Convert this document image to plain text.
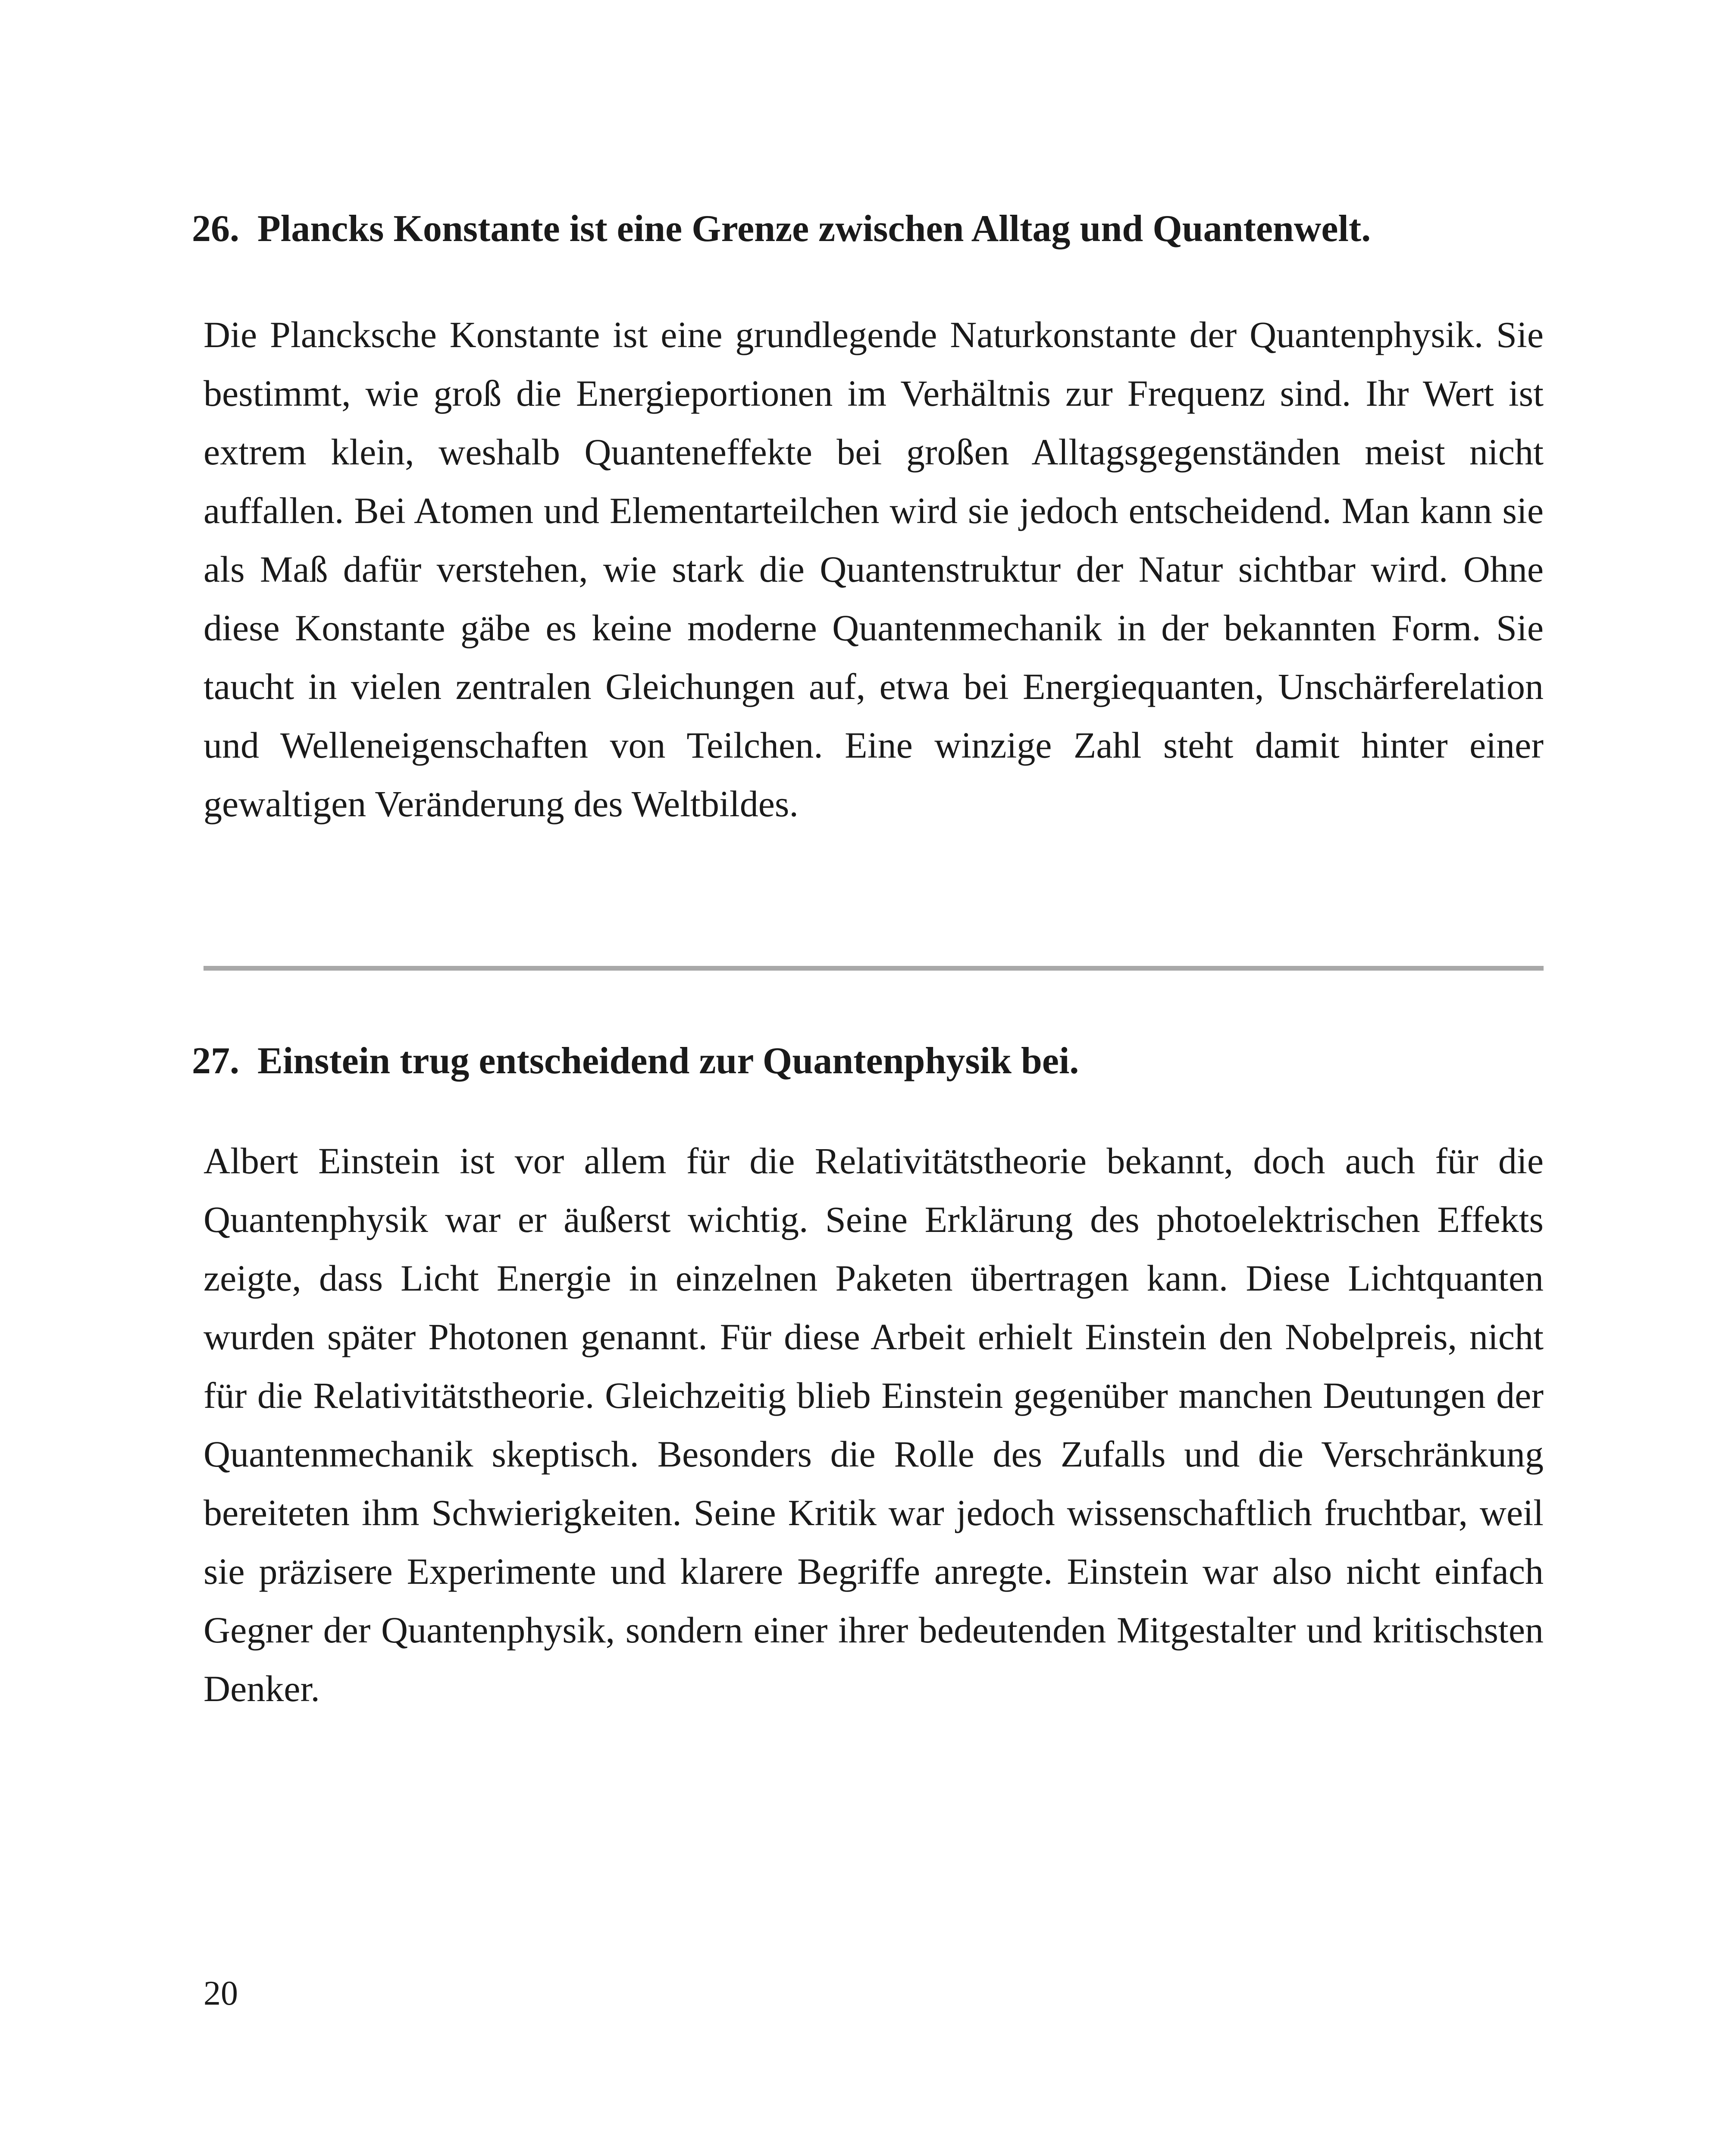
26. Plancks Konstante ist eine Grenze zwischen Alltag und Quantenwelt.

Die Plancksche Konstante ist eine grundlegende Naturkonstante der Quantenphysik. Sie bestimmt, wie groß die Energieportionen im Verhältnis zur Frequenz sind. Ihr Wert ist extrem klein, weshalb Quanteneffekte bei großen Alltagsgegenständen meist nicht auffallen. Bei Atomen und Elementarteilchen wird sie jedoch entscheidend. Man kann sie als Maß dafür verstehen, wie stark die Quantenstruktur der Natur sichtbar wird. Ohne diese Konstante gäbe es keine moderne Quantenmechanik in der bekannten Form. Sie taucht in vielen zentralen Gleichungen auf, etwa bei Energiequanten, Unschärferelation und Welleneigenschaften von Teilchen. Eine winzige Zahl steht damit hinter einer gewaltigen Veränderung des Weltbildes.

27. Einstein trug entscheidend zur Quantenphysik bei.

Albert Einstein ist vor allem für die Relativitätstheorie bekannt, doch auch für die Quantenphysik war er äußerst wichtig. Seine Erklärung des photoelektrischen Effekts zeigte, dass Licht Energie in einzelnen Paketen übertragen kann. Diese Lichtquanten wurden später Photonen genannt. Für diese Arbeit erhielt Einstein den Nobelpreis, nicht für die Relativitätstheorie. Gleichzeitig blieb Einstein gegenüber manchen Deutungen der Quantenmechanik skeptisch. Besonders die Rolle des Zufalls und die Verschränkung bereiteten ihm Schwierigkeiten. Seine Kritik war jedoch wissenschaftlich fruchtbar, weil sie präzisere Experimente und klarere Begriffe anregte. Einstein war also nicht einfach Gegner der Quantenphysik, sondern einer ihrer bedeutenden Mitgestalter und kritischsten Denker.

20
